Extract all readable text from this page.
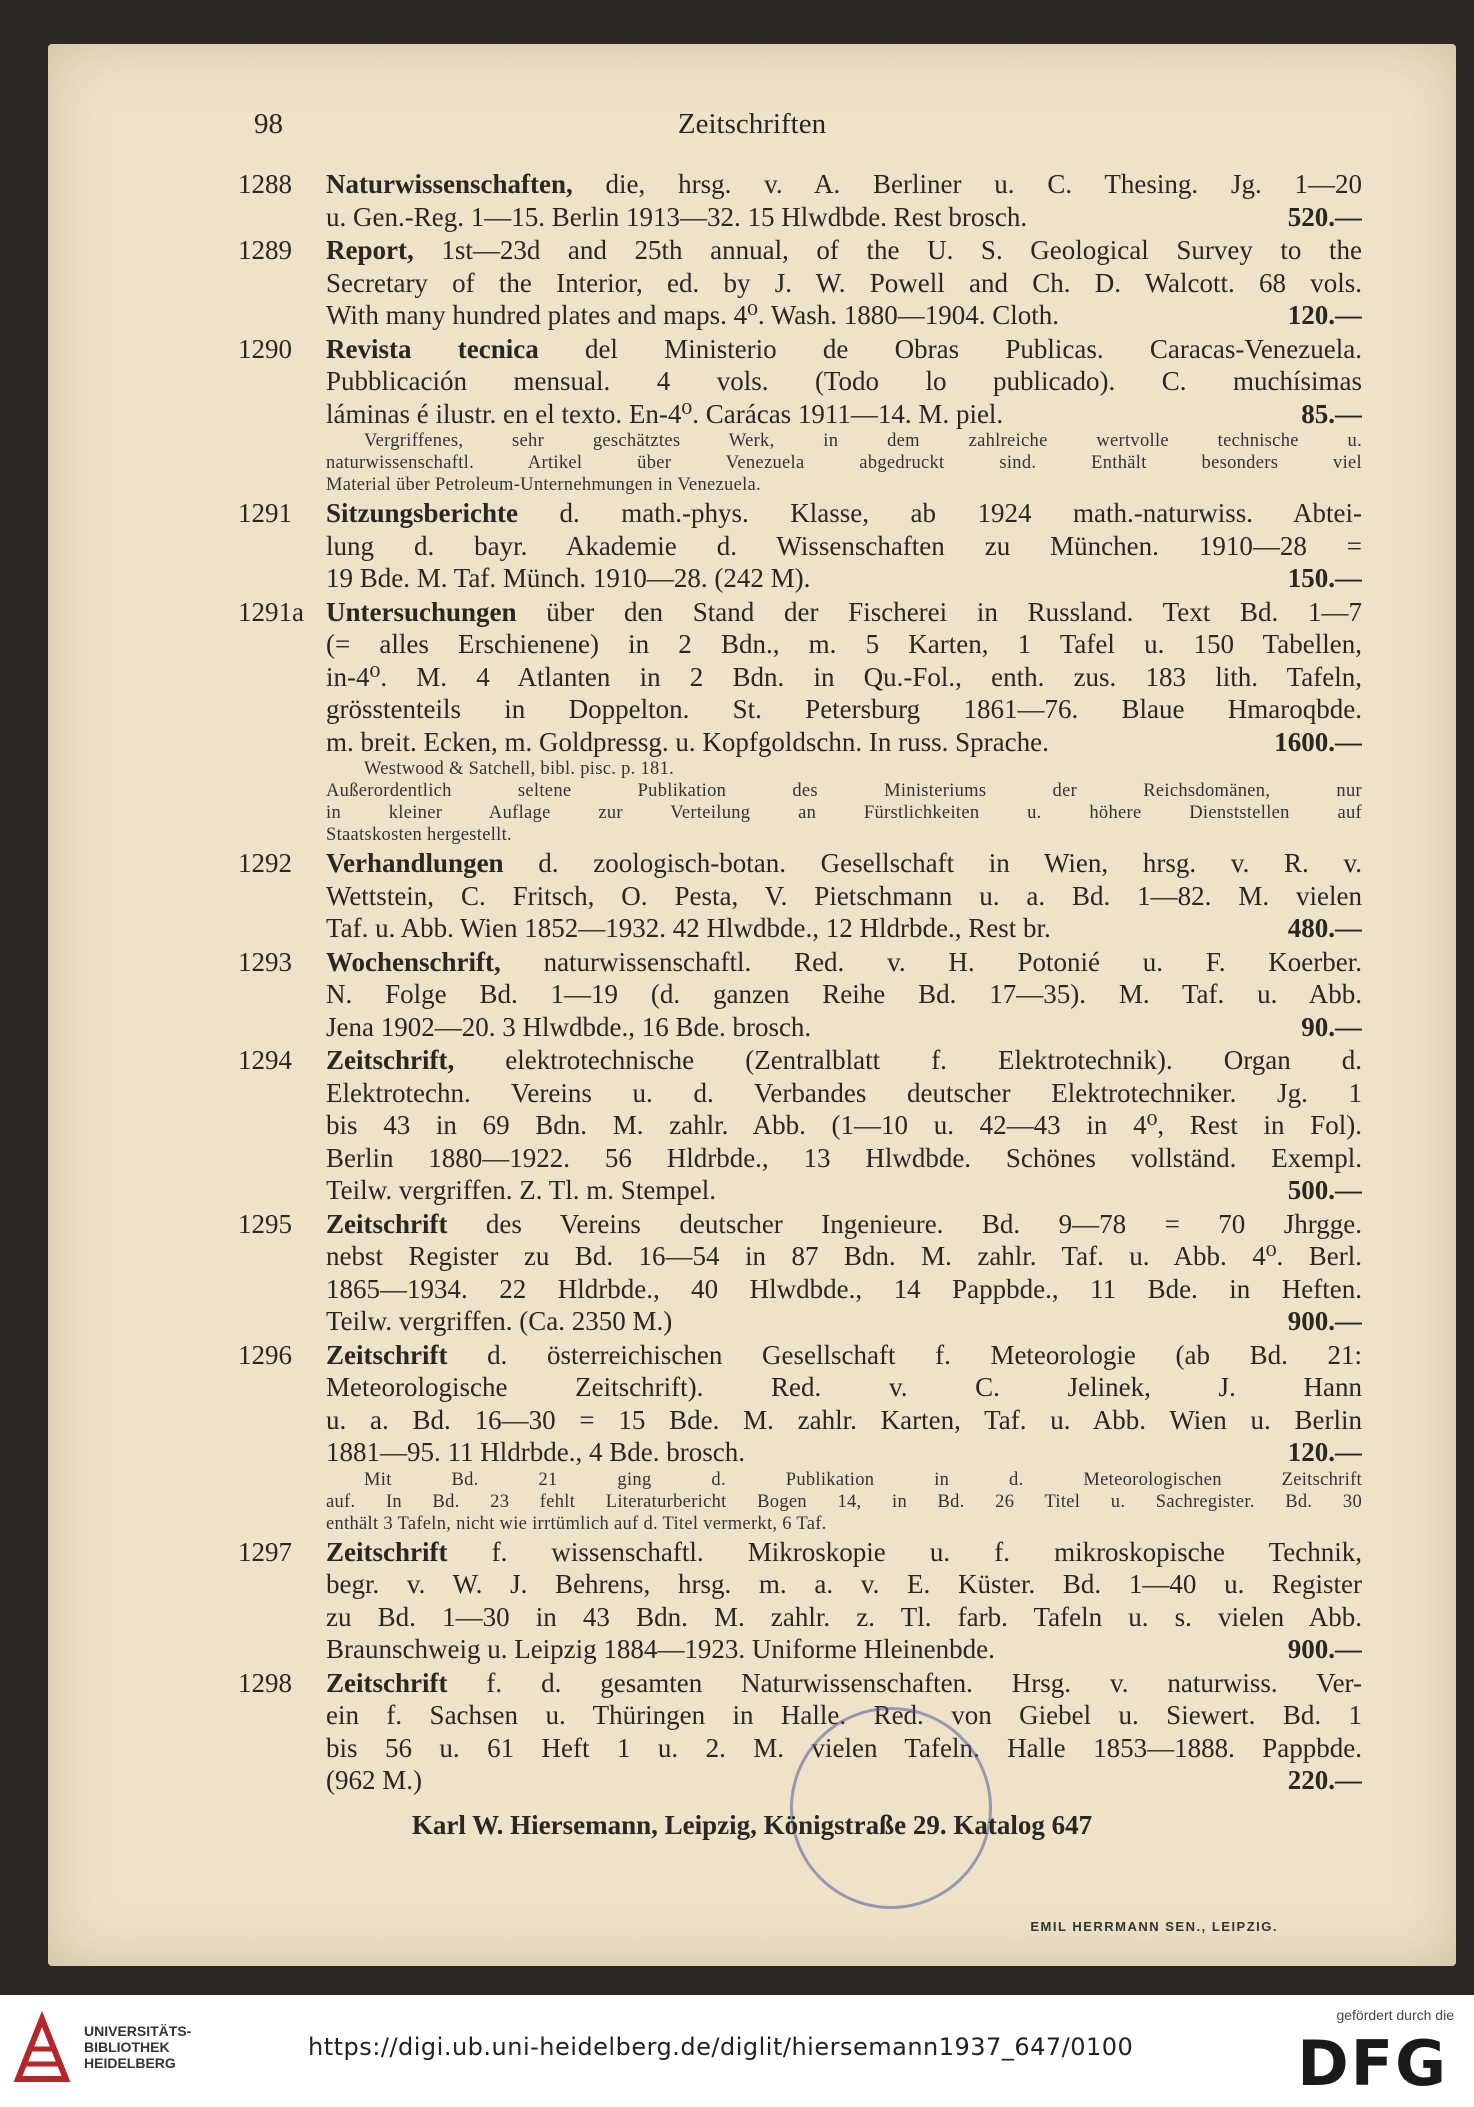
98	Zeitschriften
1288 Naturwissenschaften, die, hrsg. v. A. Berliner u. C. Thesing. Jg. 1—20
520.—
u. Gen.-Reg. 1—15. Berlin 1913—32. 15 Hlwdbde. Rest brosch.
1289 Report, 1st—23d and 25th annual, of the U. S. Geological Survey to the
Secretary of the Interior, ed. by J. W. Powell and Ch. D. Walcott. 68 vols.
120.—
With many hundred plates and maps. 4⁰. Wash. 1880—1904. Cloth.
1290 Revista tecnica del Ministerio de Obras Publicas. Caracas-Venezuela.
Pubblicación mensual. 4 vols. (Todo lo publicado). C. muchísimas
85.—
láminas é ilustr. en el texto. En-4⁰. Carácas 1911—14. M. piel.
Vergriffenes, sehr geschätztes Werk, in dem zahlreiche wertvolle technische u.
naturwissenschaftl. Artikel über Venezuela abgedruckt sind. Enthält besonders viel
Material über Petroleum-Unternehmungen in Venezuela.
1291 Sitzungsberichte d. math.-phys. Klasse, ab 1924 math.-naturwiss. Abtei-
lung d. bayr. Akademie d. Wissenschaften zu München. 1910—28 =
150.—
19 Bde. M. Taf. Münch. 1910—28. (242 M).
1291a Untersuchungen über den Stand der Fischerei in Russland. Text Bd. 1—7
(= alles Erschienene) in 2 Bdn., m. 5 Karten, 1 Tafel u. 150 Tabellen,
in-4⁰. M. 4 Atlanten in 2 Bdn. in Qu.-Fol., enth. zus. 183 lith. Tafeln,
grösstenteils in Doppelton. St. Petersburg 1861—76. Blaue Hmaroqbde.
1600.—
m. breit. Ecken, m. Goldpressg. u. Kopfgoldschn. In russ. Sprache.
Westwood & Satchell, bibl. pisc. p. 181.
Außerordentlich seltene Publikation des Ministeriums der Reichsdomänen, nur
in kleiner Auflage zur Verteilung an Fürstlichkeiten u. höhere Dienststellen auf
Staatskosten hergestellt.
1292 Verhandlungen d. zoologisch-botan. Gesellschaft in Wien, hrsg. v. R. v.
Wettstein, C. Fritsch, O. Pesta, V. Pietschmann u. a. Bd. 1—82. M. vielen
480.—
Taf. u. Abb. Wien 1852—1932. 42 Hlwdbde., 12 Hldrbde., Rest br.
1293 Wochenschrift, naturwissenschaftl. Red. v. H. Potonié u. F. Koerber.
N. Folge Bd. 1—19 (d. ganzen Reihe Bd. 17—35). M. Taf. u. Abb.
90.—
Jena 1902—20. 3 Hlwdbde., 16 Bde. brosch.
1294 Zeitschrift, elektrotechnische (Zentralblatt f. Elektrotechnik). Organ d.
Elektrotechn. Vereins u. d. Verbandes deutscher Elektrotechniker. Jg. 1
bis 43 in 69 Bdn. M. zahlr. Abb. (1—10 u. 42—43 in 4⁰, Rest in Fol).
Berlin 1880—1922. 56 Hldrbde., 13 Hlwdbde. Schönes vollständ. Exempl.
500.—
Teilw. vergriffen. Z. Tl. m. Stempel.
1295 Zeitschrift des Vereins deutscher Ingenieure. Bd. 9—78 = 70 Jhrgge.
nebst Register zu Bd. 16—54 in 87 Bdn. M. zahlr. Taf. u. Abb. 4⁰. Berl.
1865—1934. 22 Hldrbde., 40 Hlwdbde., 14 Pappbde., 11 Bde. in Heften.
900.—
Teilw. vergriffen. (Ca. 2350 M.)
1296 Zeitschrift d. österreichischen Gesellschaft f. Meteorologie (ab Bd. 21:
Meteorologische Zeitschrift). Red. v. C. Jelinek, J. Hann
u. a. Bd. 16—30 = 15 Bde. M. zahlr. Karten, Taf. u. Abb. Wien u. Berlin
120.—
1881—95. 11 Hldrbde., 4 Bde. brosch.
Mit Bd. 21 ging d. Publikation in d. Meteorologischen Zeitschrift
auf. In Bd. 23 fehlt Literaturbericht Bogen 14, in Bd. 26 Titel u. Sachregister. Bd. 30
enthält 3 Tafeln, nicht wie irrtümlich auf d. Titel vermerkt, 6 Taf.
1297 Zeitschrift f. wissenschaftl. Mikroskopie u. f. mikroskopische Technik,
begr. v. W. J. Behrens, hrsg. m. a. v. E. Küster. Bd. 1—40 u. Register
zu Bd. 1—30 in 43 Bdn. M. zahlr. z. Tl. farb. Tafeln u. s. vielen Abb.
900.—
Braunschweig u. Leipzig 1884—1923. Uniforme Hleinenbde.
1298 Zeitschrift f. d. gesamten Naturwissenschaften. Hrsg. v. naturwiss. Ver-
ein f. Sachsen u. Thüringen in Halle. Red. von Giebel u. Siewert. Bd. 1
bis 56 u. 61 Heft 1 u. 2. M. vielen Tafeln. Halle 1853—1888. Pappbde.
220.—
(962 M.)
Karl W. Hiersemann, Leipzig, Königstraße 29. Katalog 647
EMIL HERRMANN SEN., LEIPZIG.
UNIVERSITÄTS-
BIBLIOTHEK
HEIDELBERG
https://digi.ub.uni-heidelberg.de/diglit/hiersemann1937_647/0100
gefördert durch die
DFG
